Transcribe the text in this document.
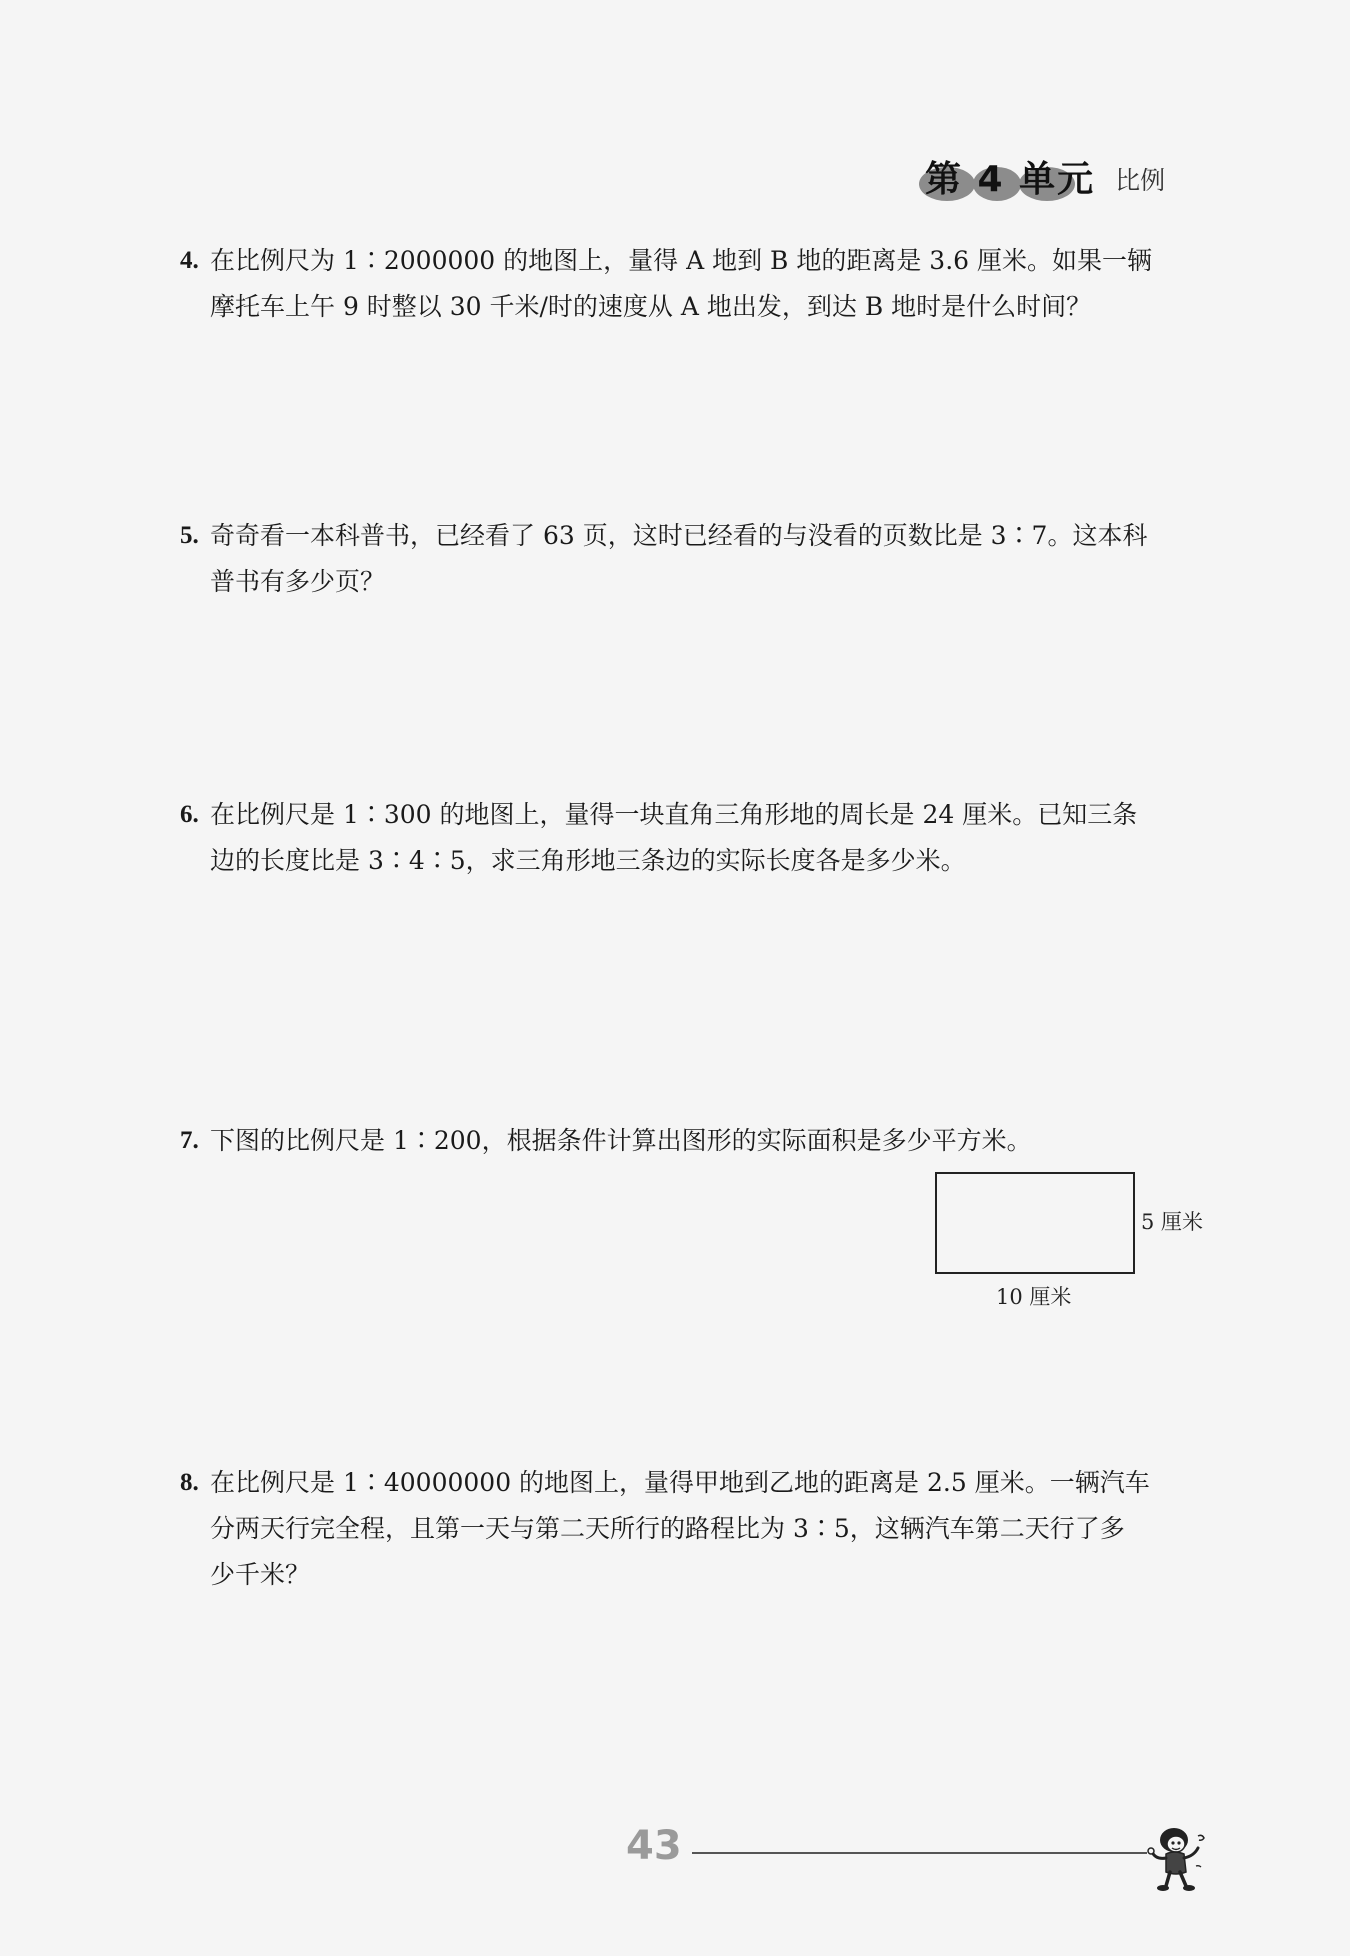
第 4 单元 比例
4. 在比例尺为 1∶2000000 的地图上，量得 A 地到 B 地的距离是 3.6 厘米。如果一辆
摩托车上午 9 时整以 30 千米/时的速度从 A 地出发，到达 B 地时是什么时间？
5. 奇奇看一本科普书，已经看了 63 页，这时已经看的与没看的页数比是 3∶7。这本科
普书有多少页？
6. 在比例尺是 1∶300 的地图上，量得一块直角三角形地的周长是 24 厘米。已知三条
边的长度比是 3∶4∶5，求三角形地三条边的实际长度各是多少米。
7. 下图的比例尺是 1∶200，根据条件计算出图形的实际面积是多少平方米。
5 厘米
10 厘米
8. 在比例尺是 1∶40000000 的地图上，量得甲地到乙地的距离是 2.5 厘米。一辆汽车
分两天行完全程，且第一天与第二天所行的路程比为 3∶5，这辆汽车第二天行了多
少千米？
43
